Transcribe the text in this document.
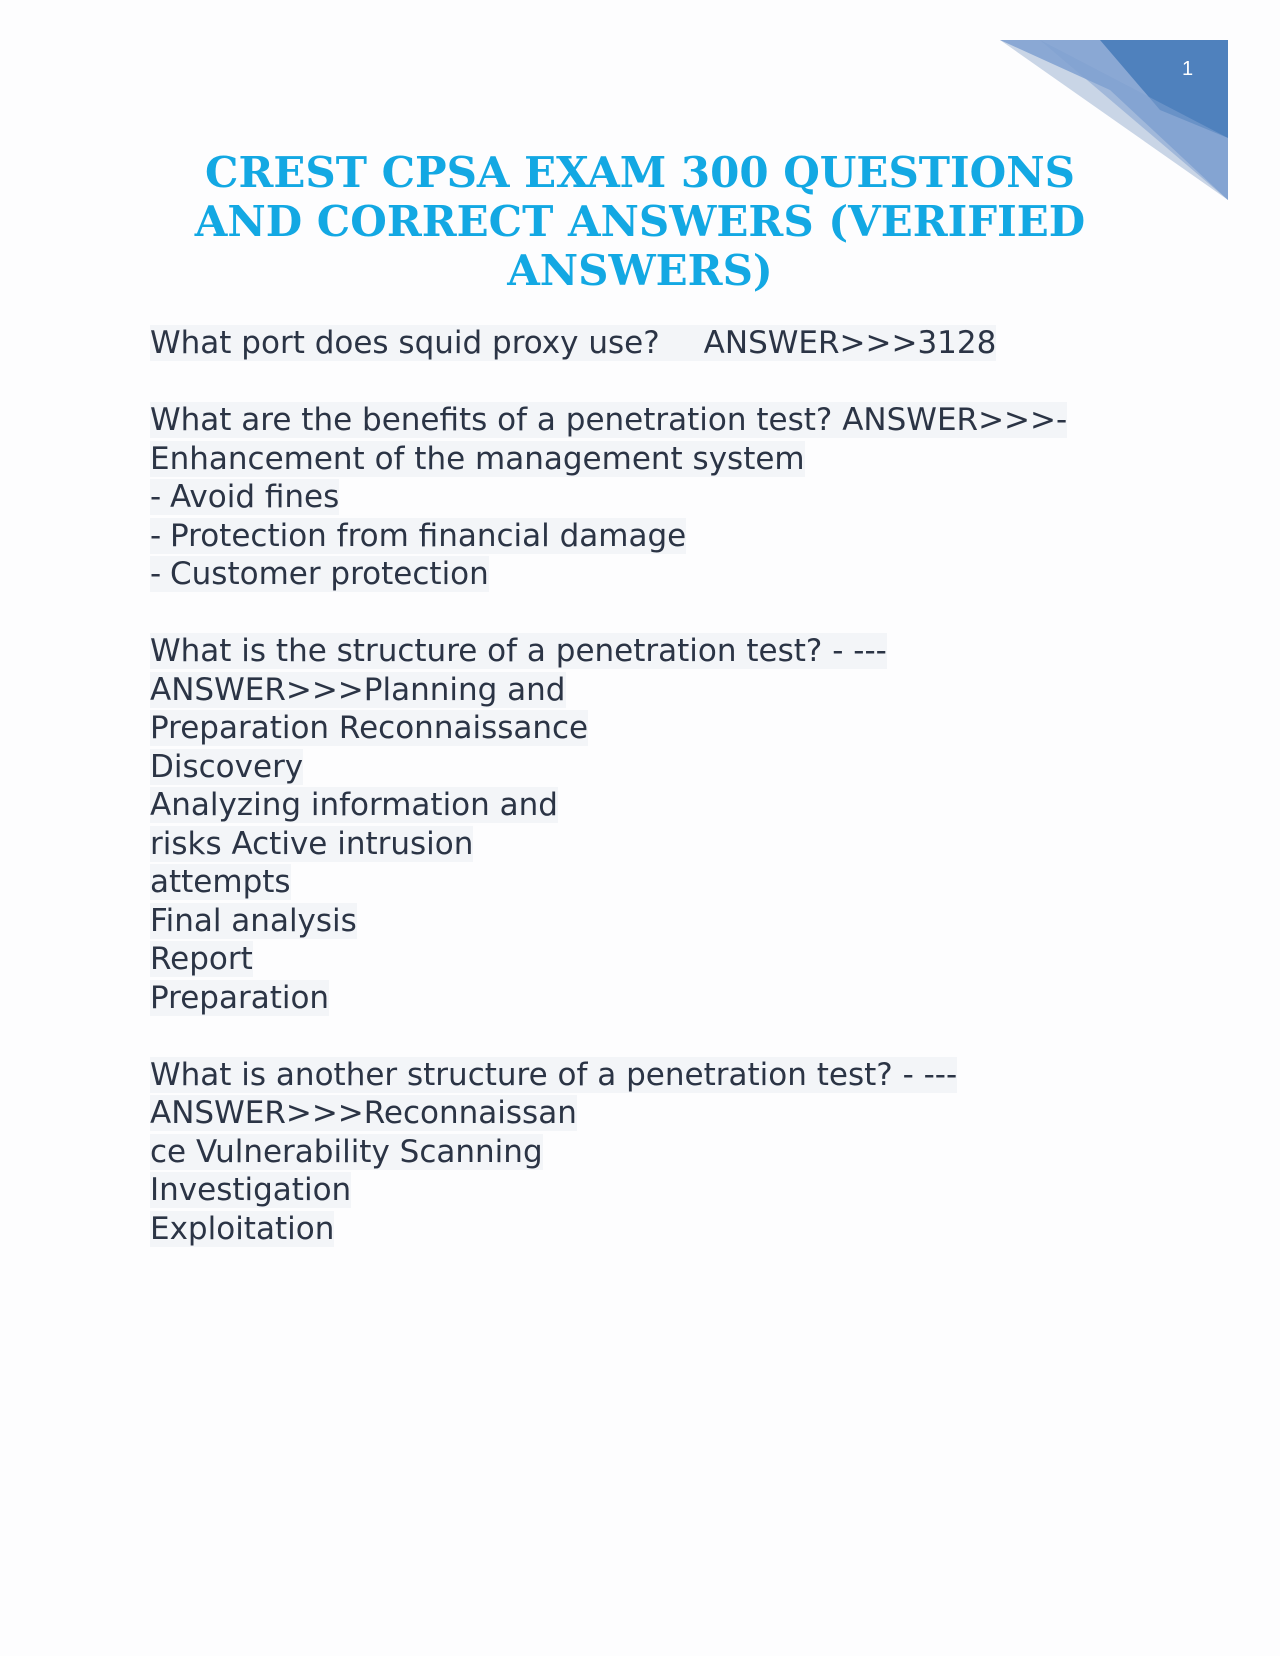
1
CREST CPSA EXAM 300 QUESTIONS
AND CORRECT ANSWERS (VERIFIED
ANSWERS)
What port does squid proxy use? ANSWER>>>3128
What are the benefits of a penetration test? ANSWER>>>-
Enhancement of the management system
- Avoid fines
- Protection from financial damage
- Customer protection
What is the structure of a penetration test? - ---
ANSWER>>>Planning and
Preparation Reconnaissance
Discovery
Analyzing information and
risks Active intrusion
attempts
Final analysis
Report
Preparation
What is another structure of a penetration test? - ---
ANSWER>>>Reconnaissan
ce Vulnerability Scanning
Investigation
Exploitation
